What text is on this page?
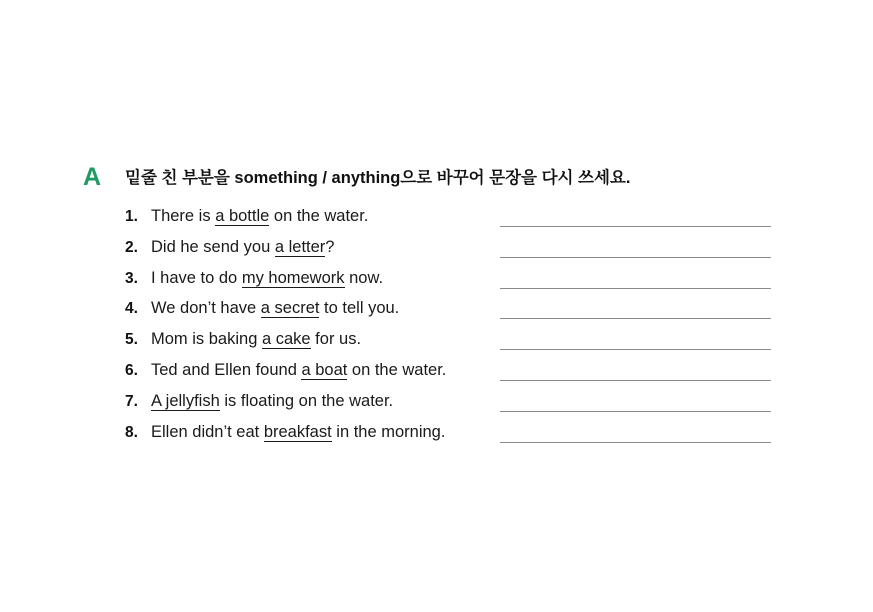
A 밑줄 친 부분을 something / anything으로 바꾸어 문장을 다시 쓰세요.
1. There is a bottle on the water.
2. Did he send you a letter?
3. I have to do my homework now.
4. We don’t have a secret to tell you.
5. Mom is baking a cake for us.
6. Ted and Ellen found a boat on the water.
7. A jellyfish is floating on the water.
8. Ellen didn’t eat breakfast in the morning.
